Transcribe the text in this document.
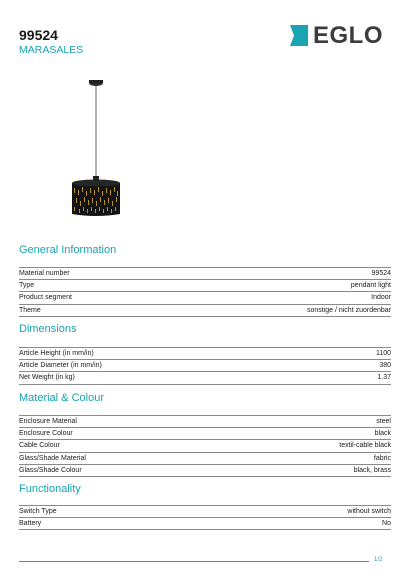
99524
MARASALES
EGLO
General Information
Material number	99524
Type	pendant light
Product segment	Indoor
Theme	sonstige / nicht zuordenbar
Dimensions
Article Height (in mm/in)	1100
Article Diameter (in mm/in)	380
Net Weight (in kg)	1.37
Material & Colour
Enclosure Material	steel
Enclosure Colour	black
Cable Colour	textil-cable black
Glass/Shade Material	fabric
Glass/Shade Colour	black, brass
Functionality
Switch Type	without switch
Battery	No
1/2
